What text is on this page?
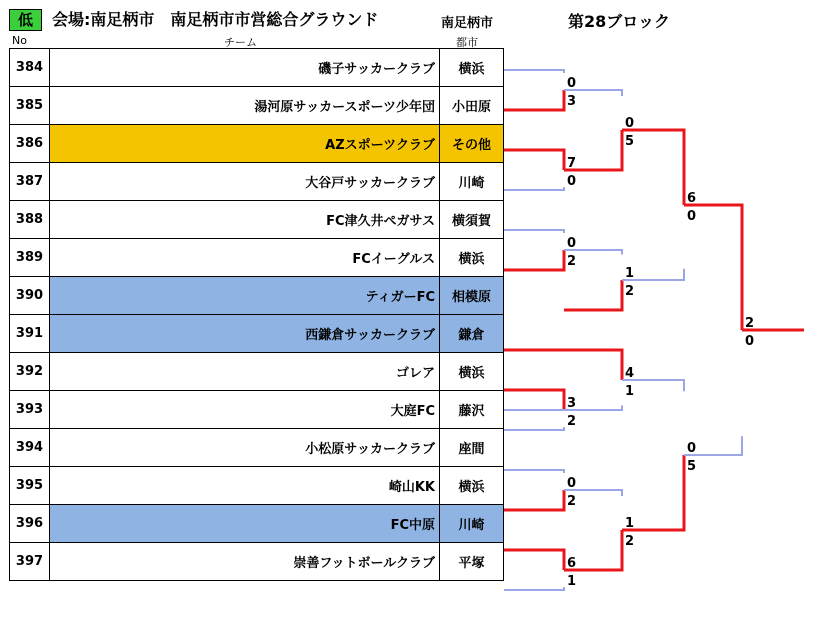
低	会場:南足柄市　南足柄市市営総合グラウンド	南足柄市	第28ブロック
No	チーム	都市
384	磯子サッカークラブ	横浜
385	湯河原サッカースポーツ少年団	小田原
386	AZスポーツクラブ	その他
387	大谷戸サッカークラブ	川崎
388	FC津久井ペガサス	横須賀
389	FCイーグルス	横浜
390	ティガーFC	相模原
391	西鎌倉サッカークラブ	鎌倉
392	ゴレア	横浜
393	大庭FC	藤沢
394	小松原サッカークラブ	座間
395	崎山KK	横浜
396	FC中原	川崎
397	崇善フットボールクラブ	平塚
0
3
7
0
0
2
3
2
0
2
6
1
0
5
1
2
4
1
1
2
6
0
0
5
2
0
